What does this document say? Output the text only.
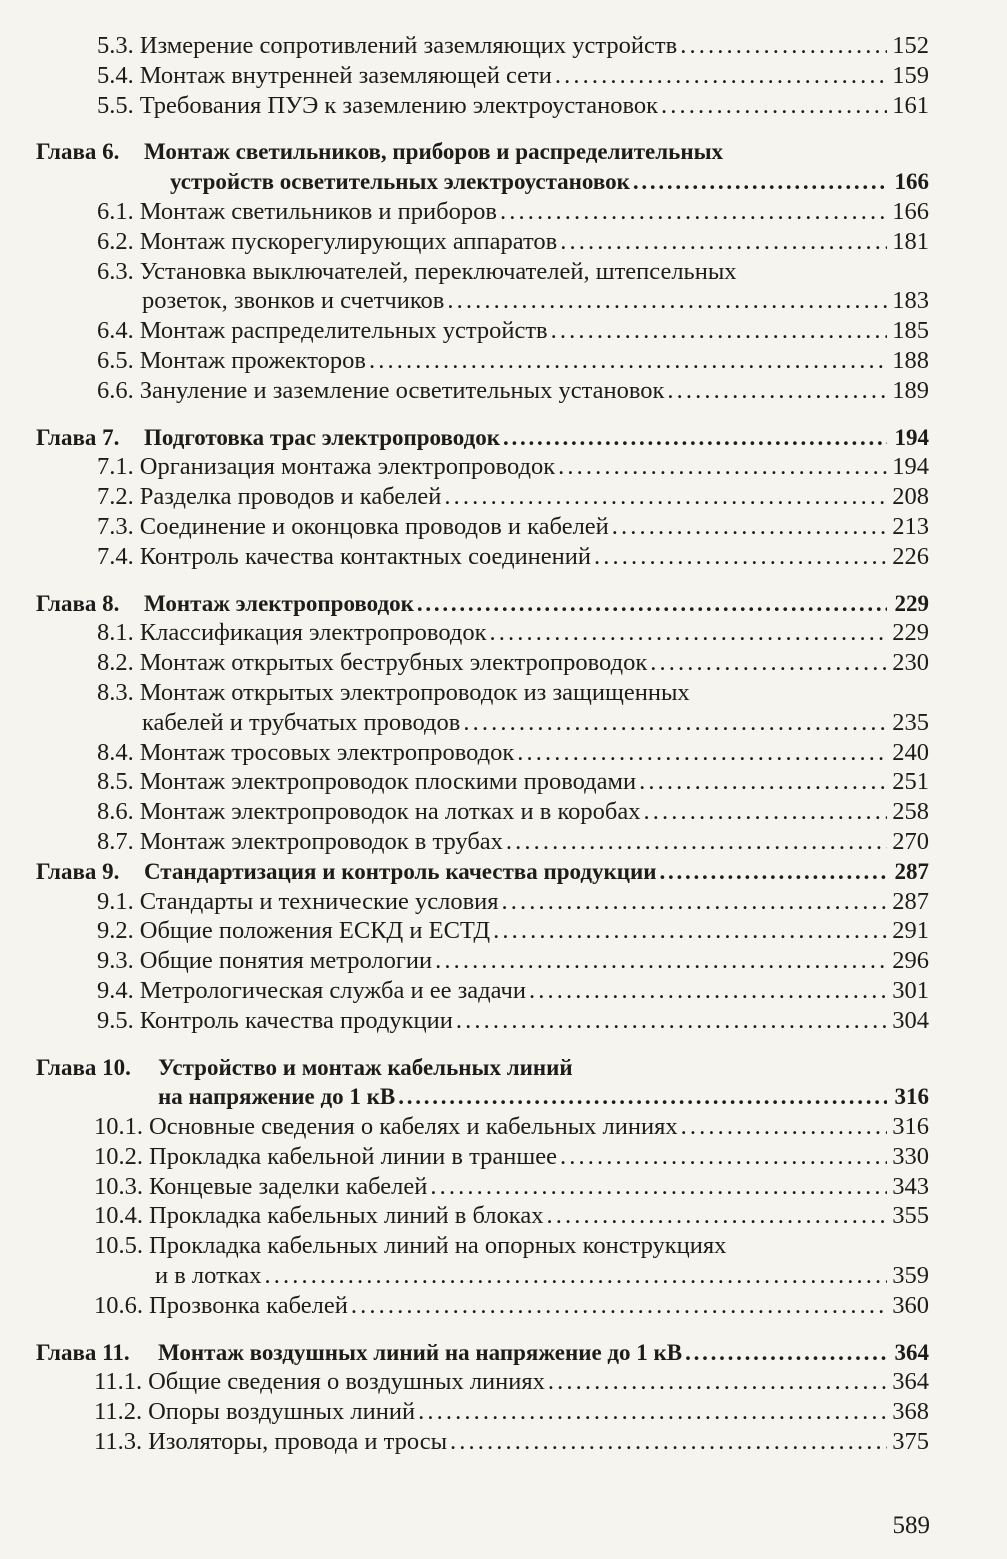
5.3. Измерение сопротивлений заземляющих устройств . . .	152
5.4. Монтаж внутренней заземляющей сети . . .	159
5.5. Требования ПУЭ к заземлению электроустановок . . .	161
Глава 6.	Монтаж светильников, приборов и распределительных
устройств осветительных электроустановок . . .	166
6.1. Монтаж светильников и приборов . . .	166
6.2. Монтаж пускорегулирующих аппаратов . . .	181
6.3. Установка выключателей, переключателей, штепсельных
розеток, звонков и счетчиков . . .	183
6.4. Монтаж распределительных устройств . . .	185
6.5. Монтаж прожекторов . . .	188
6.6. Зануление и заземление осветительных установок . . .	189
Глава 7.	Подготовка трас электропроводок . . .	194
7.1. Организация монтажа электропроводок . . .	194
7.2. Разделка проводов и кабелей . . .	208
7.3. Соединение и оконцовка проводов и кабелей . . .	213
7.4. Контроль качества контактных соединений . . .	226
Глава 8.	Монтаж электропроводок . . .	229
8.1. Классификация электропроводок . . .	229
8.2. Монтаж открытых беструбных электропроводок . . .	230
8.3. Монтаж открытых электропроводок из защищенных
кабелей и трубчатых проводов . . .	235
8.4. Монтаж тросовых электропроводок . . .	240
8.5. Монтаж электропроводок плоскими проводами . . .	251
8.6. Монтаж электропроводок на лотках и в коробах . . .	258
8.7. Монтаж электропроводок в трубах . . .	270
Глава 9.	Стандартизация и контроль качества продукции . . .	287
9.1. Стандарты и технические условия . . .	287
9.2. Общие положения ЕСКД и ЕСТД . . .	291
9.3. Общие понятия метрологии . . .	296
9.4. Метрологическая служба и ее задачи . . .	301
9.5. Контроль качества продукции . . .	304
Глава 10.	Устройство и монтаж кабельных линий
на напряжение до 1 кВ . . .	316
10.1. Основные сведения о кабелях и кабельных линиях . . .	316
10.2. Прокладка кабельной линии в траншее . . .	330
10.3. Концевые заделки кабелей . . .	343
10.4. Прокладка кабельных линий в блоках . . .	355
10.5. Прокладка кабельных линий на опорных конструкциях
и в лотках . . .	359
10.6. Прозвонка кабелей . . .	360
Глава 11.	Монтаж воздушных линий на напряжение до 1 кВ . . .	364
11.1. Общие сведения о воздушных линиях . . .	364
11.2. Опоры воздушных линий . . .	368
11.3. Изоляторы, провода и тросы . . .	375
589
